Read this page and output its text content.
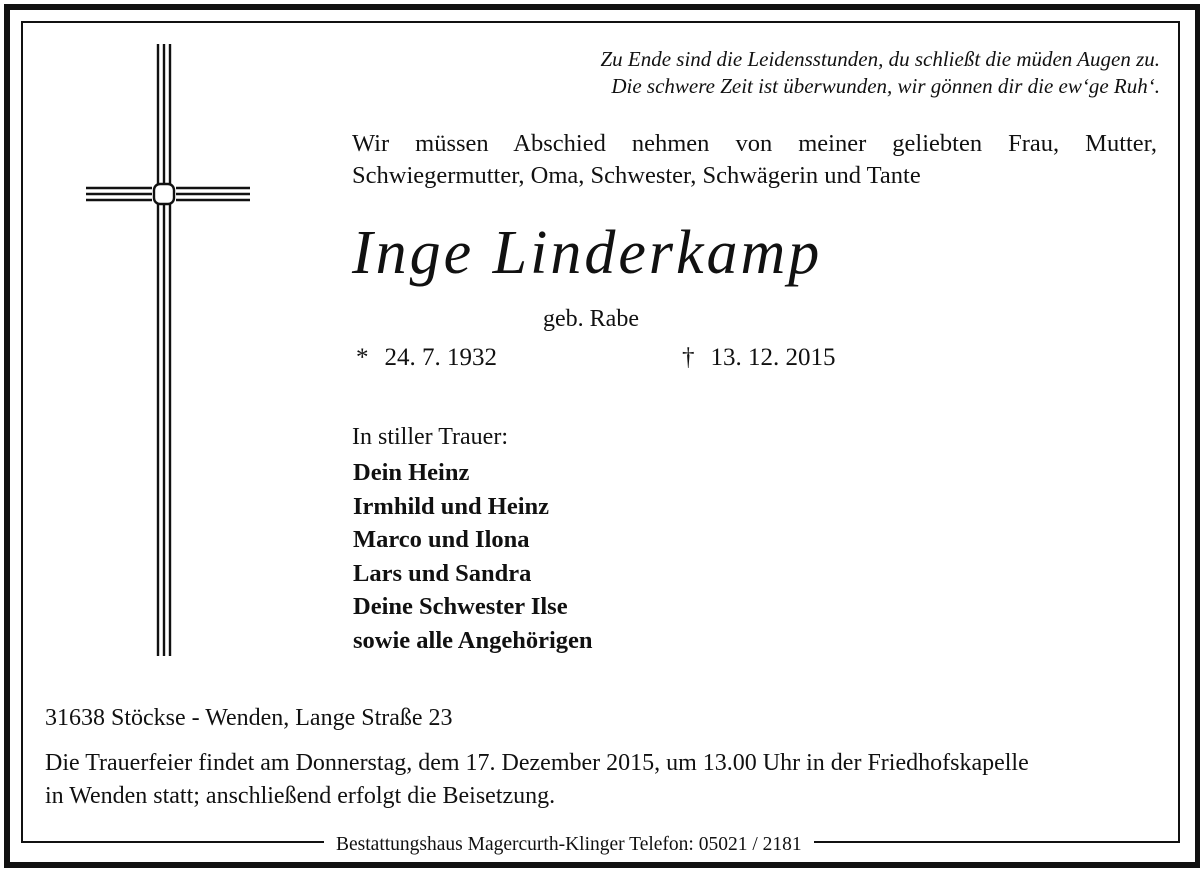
Zu Ende sind die Leidensstunden, du schließt die müden Augen zu.
Die schwere Zeit ist überwunden, wir gönnen dir die ew‘ge Ruh‘.
Wir müssen Abschied nehmen von meiner geliebten Frau, Mutter,
Schwiegermutter, Oma, Schwester, Schwägerin und Tante
Inge Linderkamp
geb. Rabe
* 24. 7. 1932	† 13. 12. 2015
In stiller Trauer:
Dein Heinz
Irmhild und Heinz
Marco und Ilona
Lars und Sandra
Deine Schwester Ilse
sowie alle Angehörigen
31638 Stöckse - Wenden, Lange Straße 23
Die Trauerfeier findet am Donnerstag, dem 17. Dezember 2015, um 13.00 Uhr in der Friedhofskapelle
in Wenden statt; anschließend erfolgt die Beisetzung.
Bestattungshaus Magercurth-Klinger Telefon: 05021 / 2181
